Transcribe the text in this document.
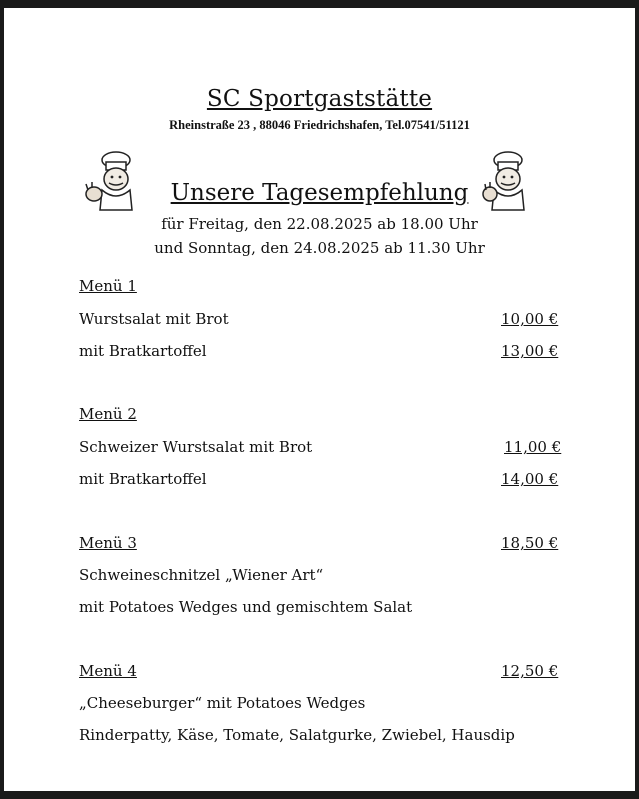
SC Sportgaststätte
Rheinstraße 23 , 88046 Friedrichshafen, Tel.07541/51121
Unsere Tagesempfehlung
für Freitag, den 22.08.2025 ab 18.00 Uhr
und Sonntag, den 24.08.2025 ab 11.30 Uhr
Menü 1
Wurstsalat mit Brot	10,00 €
mit Bratkartoffel	13,00 €
Menü 2
Schweizer Wurstsalat mit Brot	11,00 €
mit Bratkartoffel	14,00 €
Menü 3	18,50 €
Schweineschnitzel „Wiener Art“
mit Potatoes Wedges und gemischtem Salat
Menü 4	12,50 €
„Cheeseburger“ mit Potatoes Wedges
Rinderpatty, Käse, Tomate, Salatgurke, Zwiebel, Hausdip
